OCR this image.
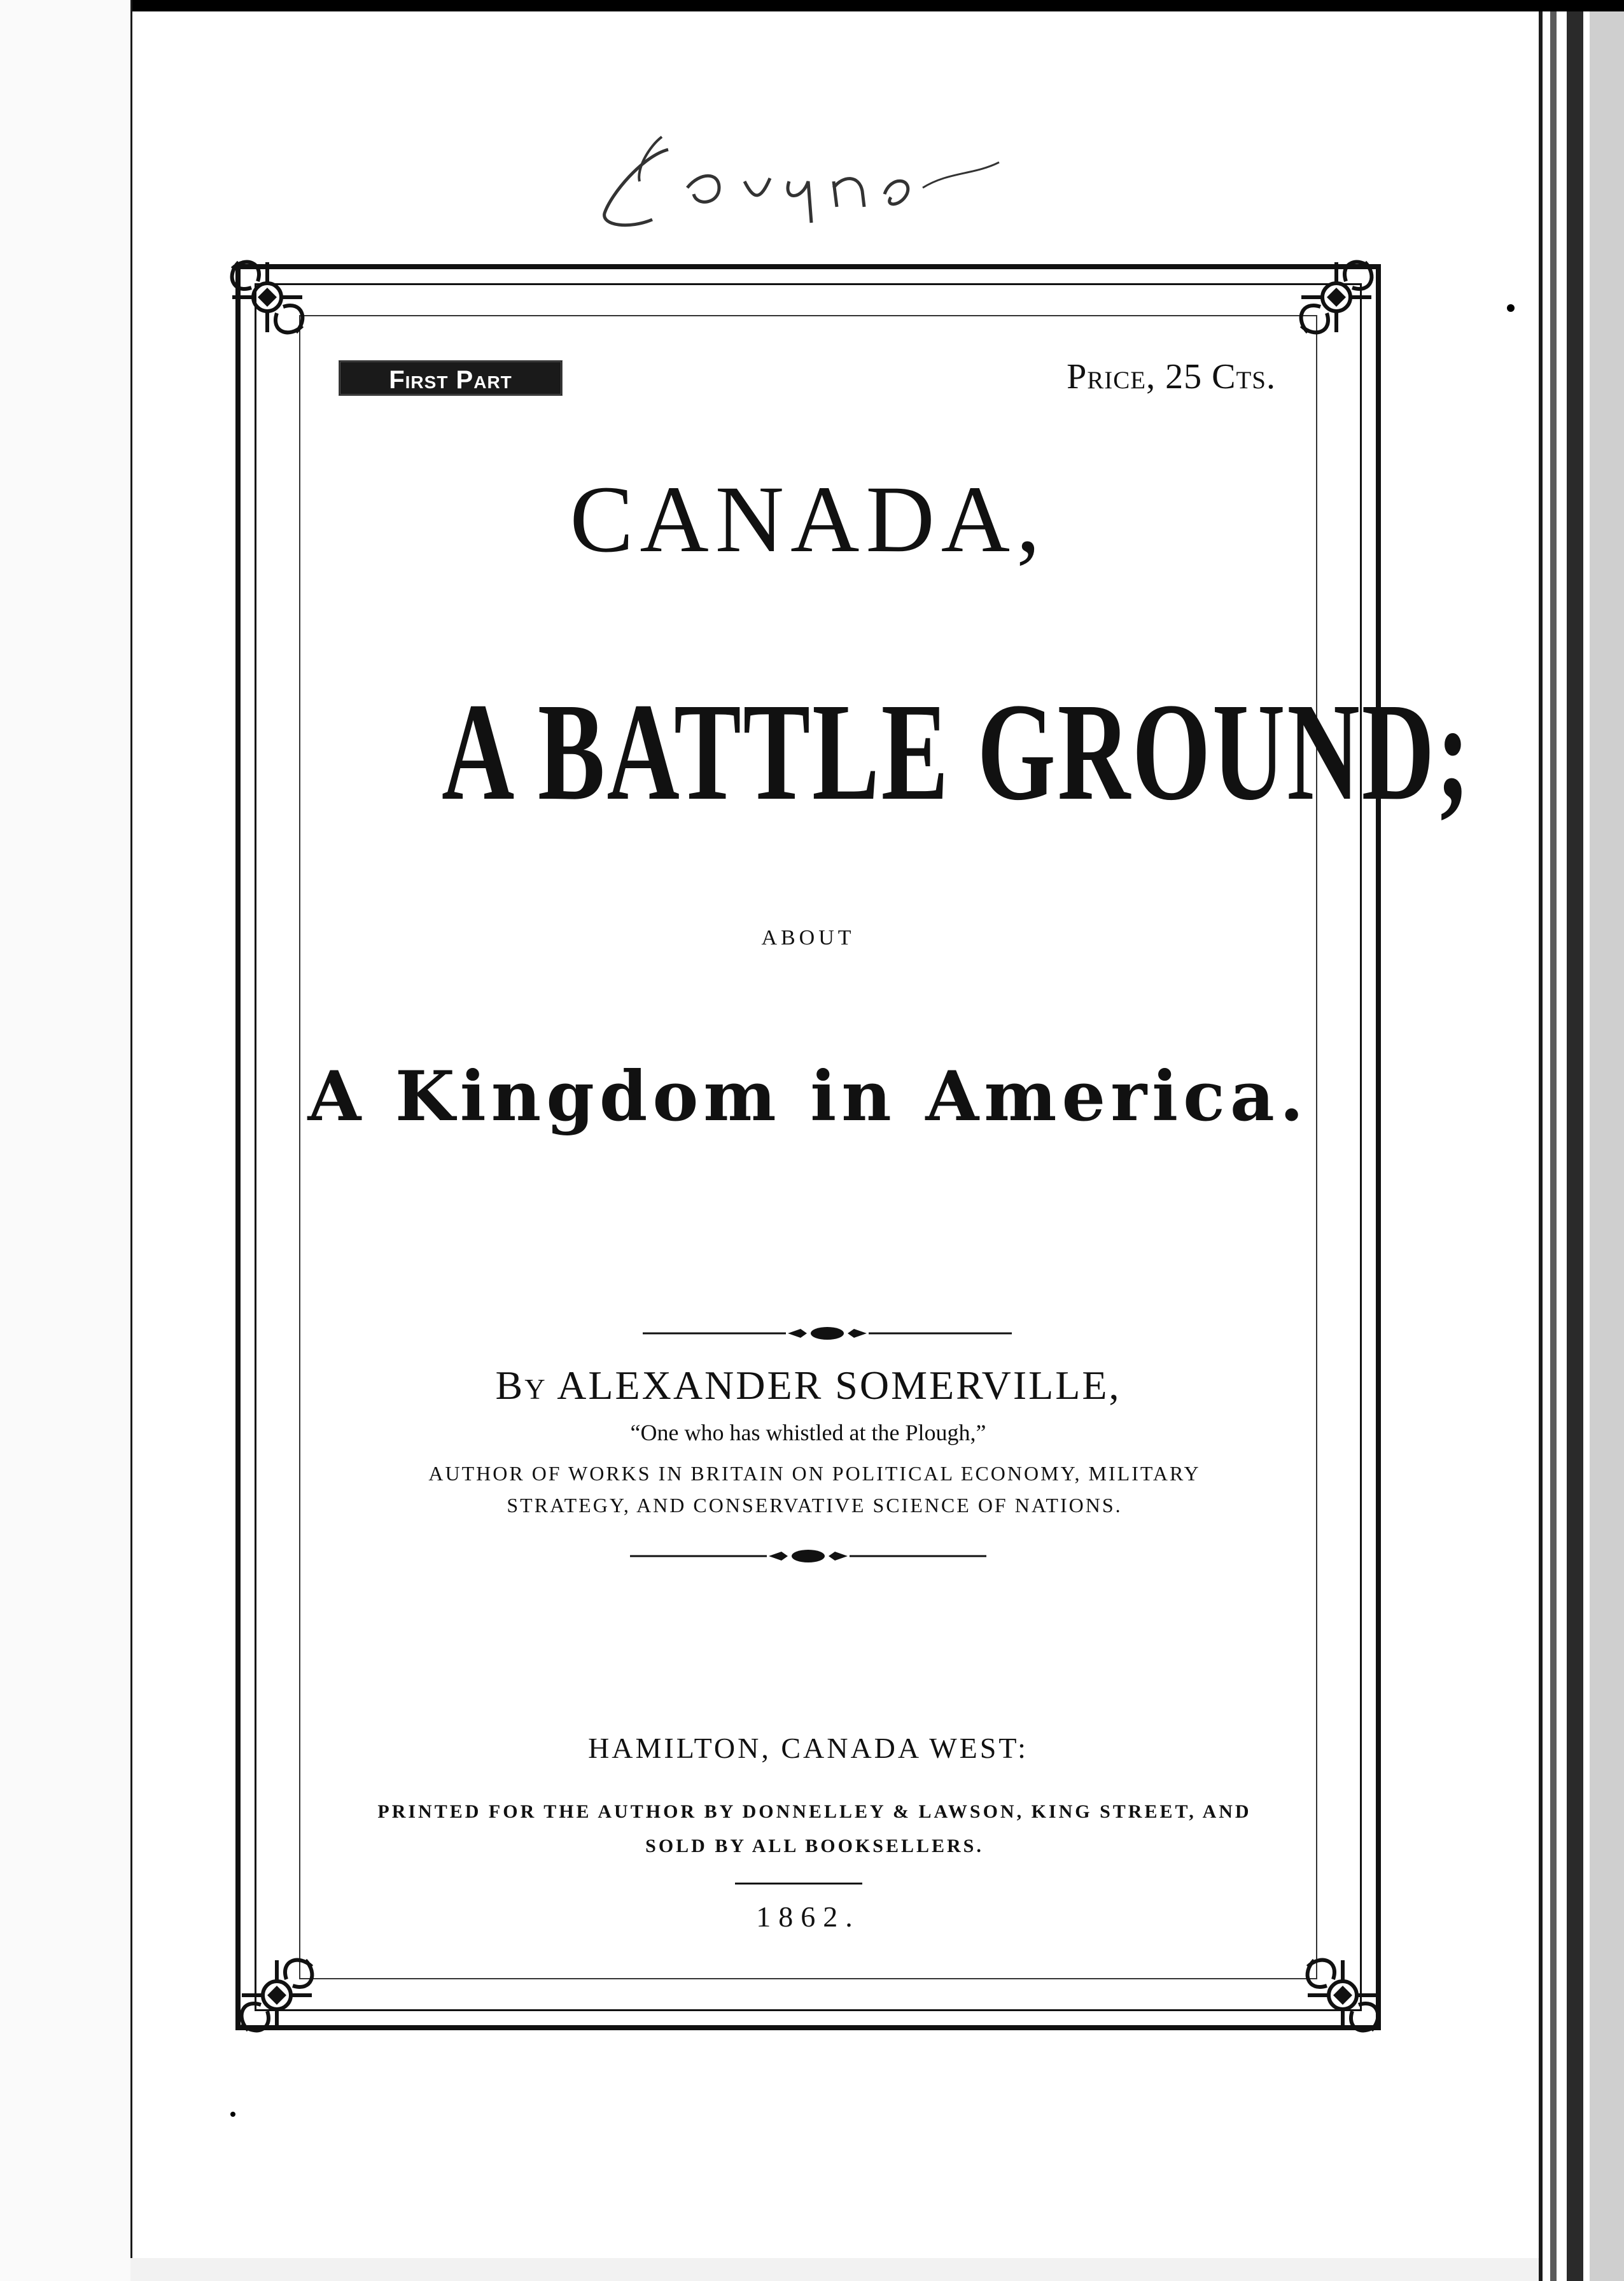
First Part	Price, 25 Cts.
CANADA,
A BATTLE GROUND;
ABOUT
A Kingdom in America.
By ALEXANDER SOMERVILLE,
“One who has whistled at the Plough,”
AUTHOR OF WORKS IN BRITAIN ON POLITICAL ECONOMY, MILITARY
STRATEGY, AND CONSERVATIVE SCIENCE OF NATIONS.
HAMILTON, CANADA WEST:
PRINTED FOR THE AUTHOR BY DONNELLEY & LAWSON, KING STREET, AND
SOLD BY ALL BOOKSELLERS.
1862.
